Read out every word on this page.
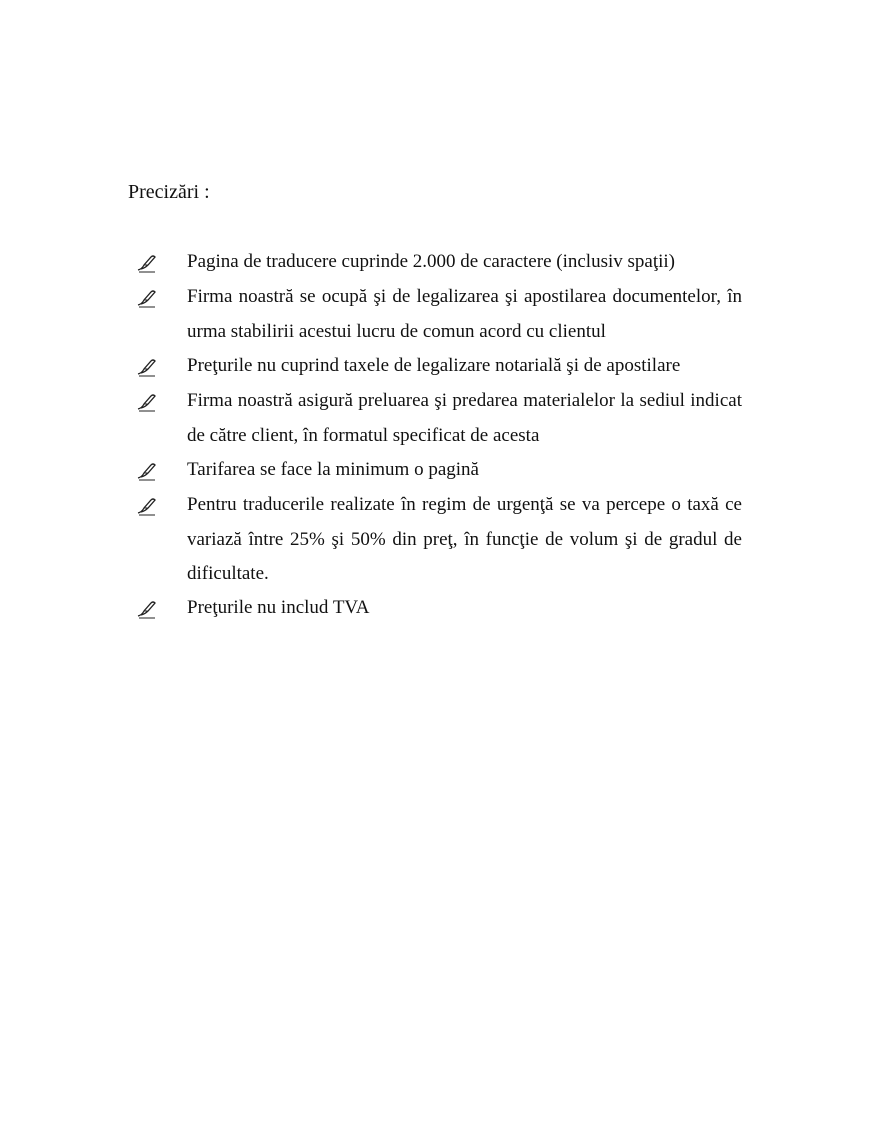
Precizări :
Pagina de traducere cuprinde 2.000 de caractere (inclusiv spaţii)
Firma noastră se ocupă şi de legalizarea şi apostilarea documentelor, în urma stabilirii acestui lucru de comun acord cu clientul
Preţurile nu cuprind taxele de legalizare notarială şi de apostilare
Firma noastră asigură preluarea şi predarea materialelor la sediul indicat de către client, în formatul specificat de acesta
Tarifarea se face la minimum o pagină
Pentru traducerile realizate în regim de urgenţă se va percepe o taxă ce variază între 25% şi 50% din preţ, în funcţie de volum şi de gradul de dificultate.
Preţurile nu includ TVA
